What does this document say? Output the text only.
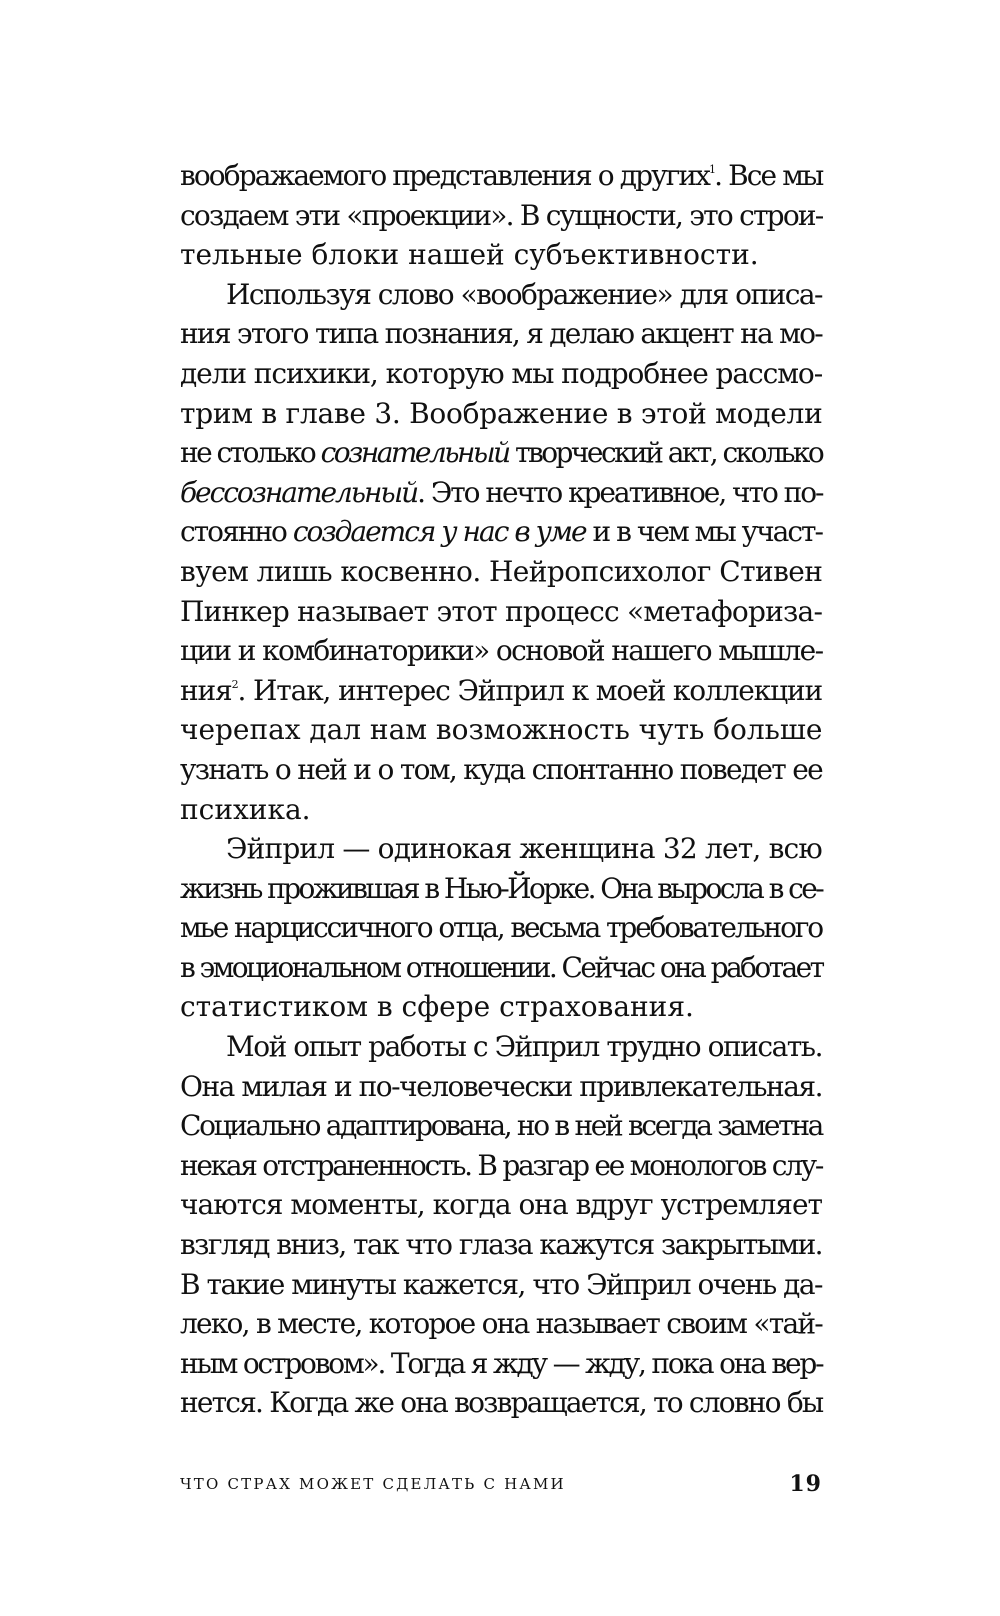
воображаемого представления о других$^1$. Все мы
создаем эти «проекции». В сущности, это строи-
тельные блоки нашей субъективности.
Используя слово «воображение» для описа-
ния этого типа познания, я делаю акцент на мо-
дели психики, которую мы подробнее рассмо-
трим в главе 3. Воображение в этой модели
не столько сознательный творческий акт, сколько
бессознательный. Это нечто креативное, что по-
стоянно создается у нас в уме и в чем мы участ-
вуем лишь косвенно. Нейропсихолог Стивен
Пинкер называет этот процесс «метафориза-
ции и комбинаторики» основой нашего мышле-
ния$^2$. Итак, интерес Эйприл к моей коллекции
черепах дал нам возможность чуть больше
узнать о ней и о том, куда спонтанно поведет ее
психика.
Эйприл — одинокая женщина 32 лет, всю
жизнь прожившая в Нью-Йорке. Она выросла в се-
мье нарциссичного отца, весьма требовательного
в эмоциональном отношении. Сейчас она работает
статистиком в сфере страхования.
Мой опыт работы с Эйприл трудно описать.
Она милая и по-человечески привлекательная.
Социально адаптирована, но в ней всегда заметна
некая отстраненность. В разгар ее монологов слу-
чаются моменты, когда она вдруг устремляет
взгляд вниз, так что глаза кажутся закрытыми.
В такие минуты кажется, что Эйприл очень да-
леко, в месте, которое она называет своим «тай-
ным островом». Тогда я жду — жду, пока она вер-
нется. Когда же она возвращается, то словно бы
ЧТО СТРАХ МОЖЕТ СДЕЛАТЬ С НАМИ	19
